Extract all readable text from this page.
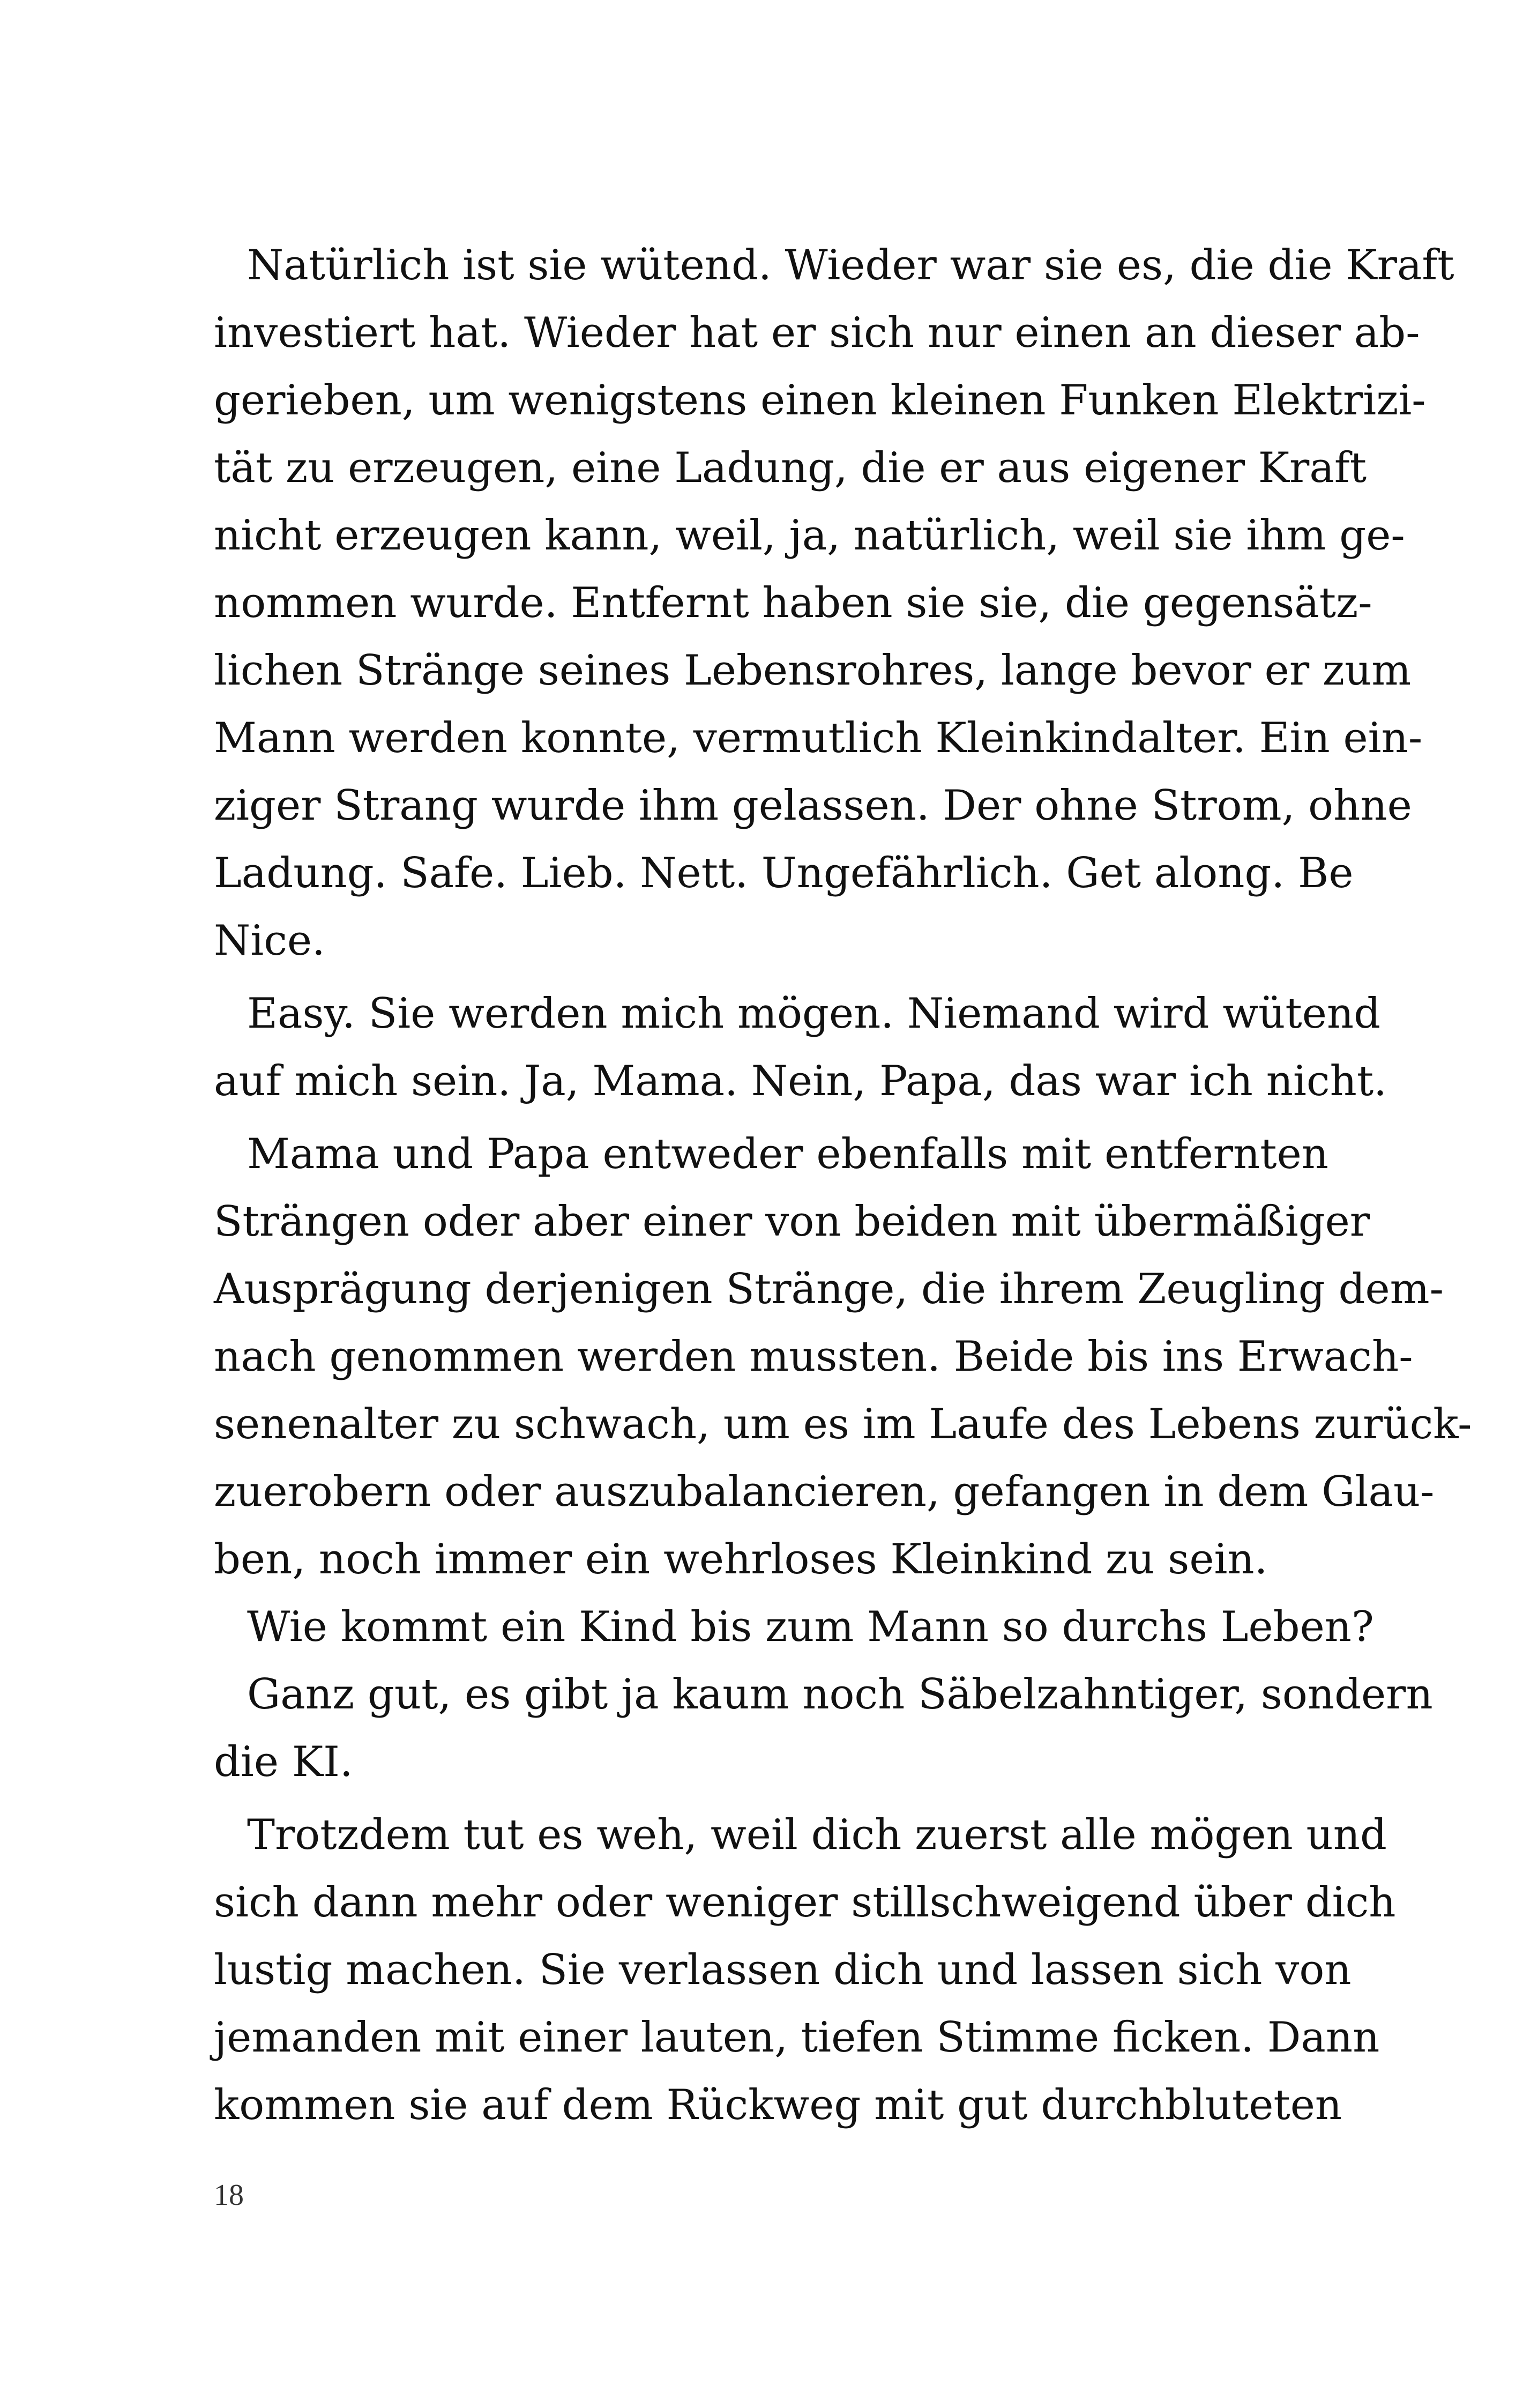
Natürlich ist sie wütend. Wieder war sie es, die die Kraft
investiert hat. Wieder hat er sich nur einen an dieser ab-
gerieben, um wenigstens einen kleinen Funken Elektrizi-
tät zu erzeugen, eine Ladung, die er aus eigener Kraft
nicht erzeugen kann, weil, ja, natürlich, weil sie ihm ge-
nommen wurde. Entfernt haben sie sie, die gegensätz-
lichen Stränge seines Lebensrohres, lange bevor er zum
Mann werden konnte, vermutlich Kleinkindalter. Ein ein-
ziger Strang wurde ihm gelassen. Der ohne Strom, ohne
Ladung. Safe. Lieb. Nett. Ungefährlich. Get along. Be
Nice.
Easy. Sie werden mich mögen. Niemand wird wütend
auf mich sein. Ja, Mama. Nein, Papa, das war ich nicht.
Mama und Papa entweder ebenfalls mit entfernten
Strängen oder aber einer von beiden mit übermäßiger
Ausprägung derjenigen Stränge, die ihrem Zeugling dem-
nach genommen werden mussten. Beide bis ins Erwach-
senenalter zu schwach, um es im Laufe des Lebens zurück-
zuerobern oder auszubalancieren, gefangen in dem Glau-
ben, noch immer ein wehrloses Kleinkind zu sein.
Wie kommt ein Kind bis zum Mann so durchs Leben?
Ganz gut, es gibt ja kaum noch Säbelzahntiger, sondern
die KI.
Trotzdem tut es weh, weil dich zuerst alle mögen und
sich dann mehr oder weniger stillschweigend über dich
lustig machen. Sie verlassen dich und lassen sich von
jemanden mit einer lauten, tiefen Stimme ficken. Dann
kommen sie auf dem Rückweg mit gut durchbluteten
18
